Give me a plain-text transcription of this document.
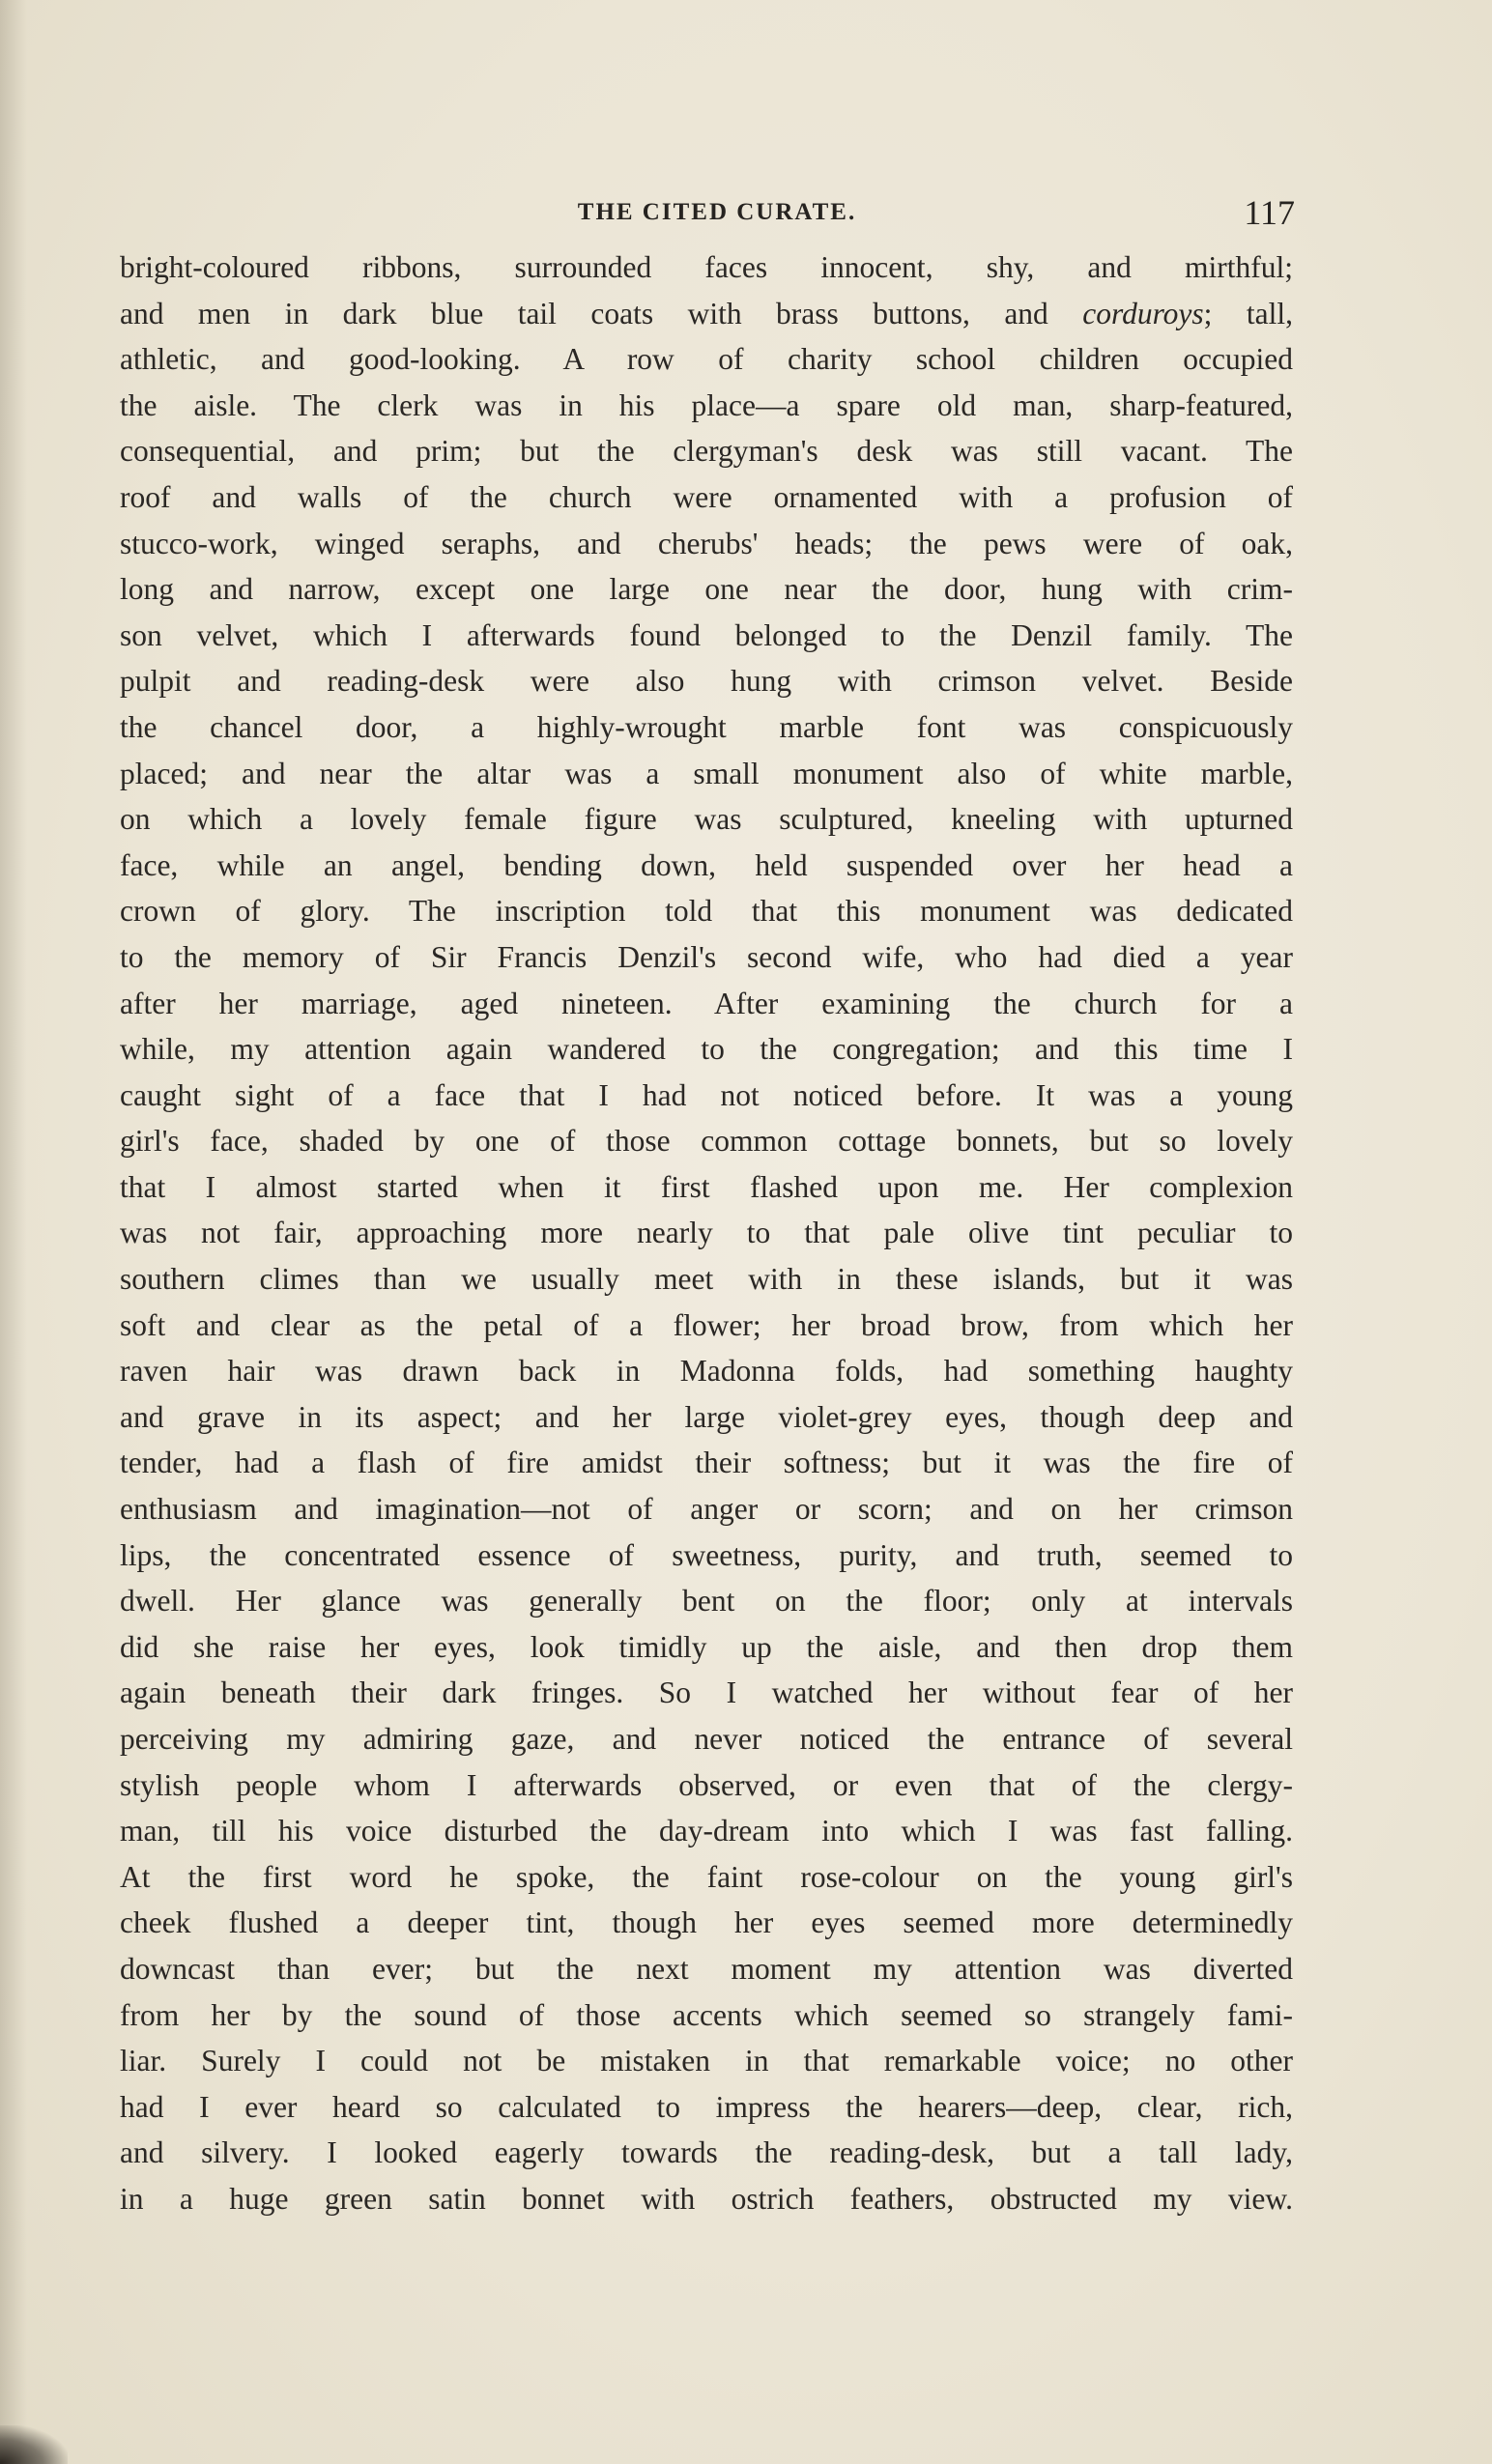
THE CITED CURATE.	117
bright-coloured ribbons, surrounded faces innocent, shy, and mirthful;
and men in dark blue tail coats with brass buttons, and corduroys; tall,
athletic, and good-looking. A row of charity school children occupied
the aisle. The clerk was in his place—a spare old man, sharp-featured,
consequential, and prim; but the clergyman's desk was still vacant. The
roof and walls of the church were ornamented with a profusion of
stucco-work, winged seraphs, and cherubs' heads; the pews were of oak,
long and narrow, except one large one near the door, hung with crim-
son velvet, which I afterwards found belonged to the Denzil family. The
pulpit and reading-desk were also hung with crimson velvet. Beside
the chancel door, a highly-wrought marble font was conspicuously
placed; and near the altar was a small monument also of white marble,
on which a lovely female figure was sculptured, kneeling with upturned
face, while an angel, bending down, held suspended over her head a
crown of glory. The inscription told that this monument was dedicated
to the memory of Sir Francis Denzil's second wife, who had died a year
after her marriage, aged nineteen. After examining the church for a
while, my attention again wandered to the congregation; and this time I
caught sight of a face that I had not noticed before. It was a young
girl's face, shaded by one of those common cottage bonnets, but so lovely
that I almost started when it first flashed upon me. Her complexion
was not fair, approaching more nearly to that pale olive tint peculiar to
southern climes than we usually meet with in these islands, but it was
soft and clear as the petal of a flower; her broad brow, from which her
raven hair was drawn back in Madonna folds, had something haughty
and grave in its aspect; and her large violet-grey eyes, though deep and
tender, had a flash of fire amidst their softness; but it was the fire of
enthusiasm and imagination—not of anger or scorn; and on her crimson
lips, the concentrated essence of sweetness, purity, and truth, seemed to
dwell. Her glance was generally bent on the floor; only at intervals
did she raise her eyes, look timidly up the aisle, and then drop them
again beneath their dark fringes. So I watched her without fear of her
perceiving my admiring gaze, and never noticed the entrance of several
stylish people whom I afterwards observed, or even that of the clergy-
man, till his voice disturbed the day-dream into which I was fast falling.
At the first word he spoke, the faint rose-colour on the young girl's
cheek flushed a deeper tint, though her eyes seemed more determinedly
downcast than ever; but the next moment my attention was diverted
from her by the sound of those accents which seemed so strangely fami-
liar. Surely I could not be mistaken in that remarkable voice; no other
had I ever heard so calculated to impress the hearers—deep, clear, rich,
and silvery. I looked eagerly towards the reading-desk, but a tall lady,
in a huge green satin bonnet with ostrich feathers, obstructed my view.
